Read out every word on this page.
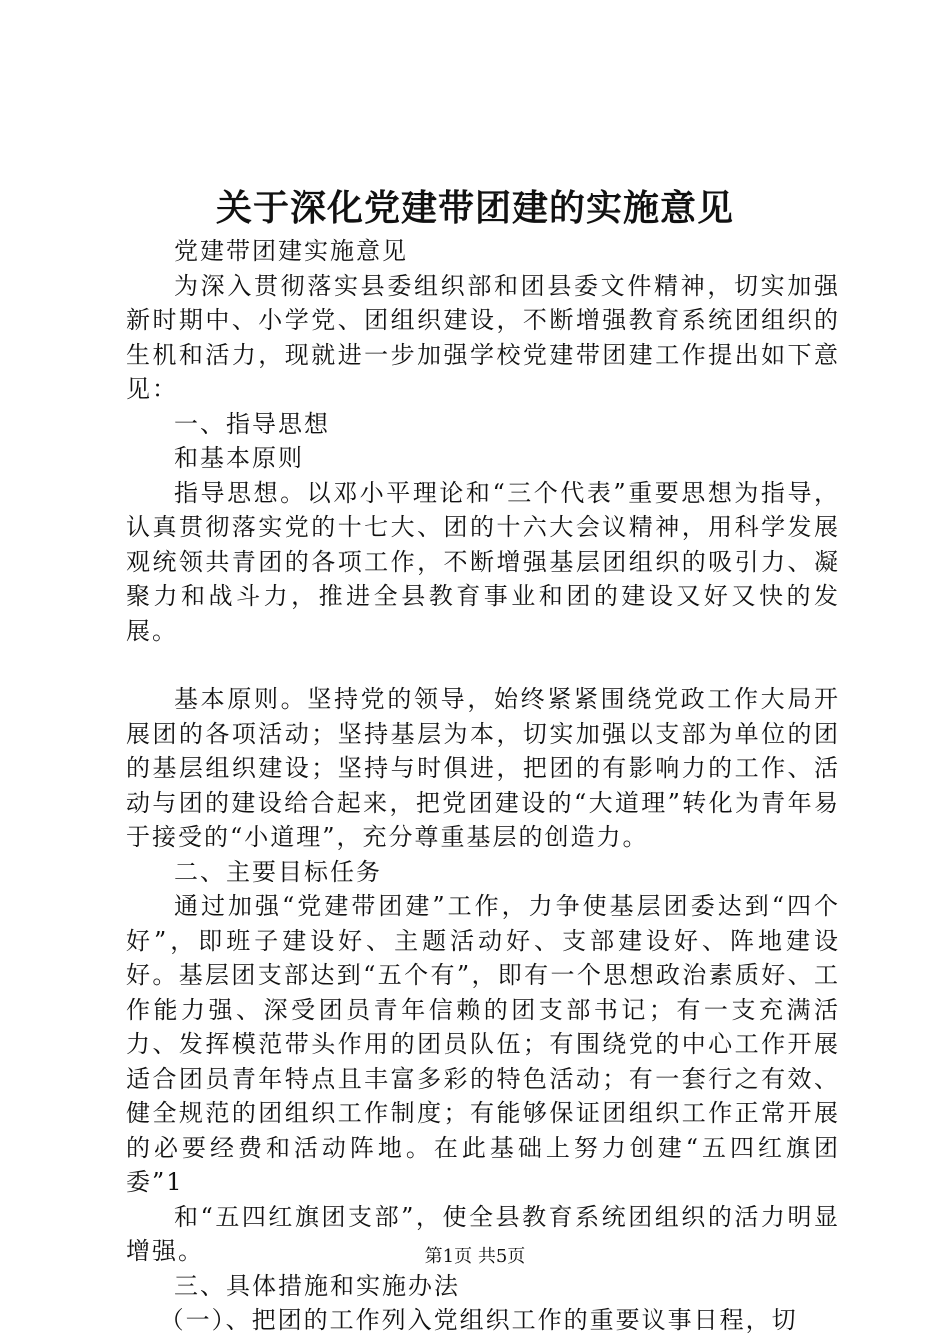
关于深化党建带团建的实施意见

党建带团建实施意见

为深入贯彻落实县委组织部和团县委文件精神，切实加强新时期中、小学党、团组织建设，不断增强教育系统团组织的生机和活力，现就进一步加强学校党建带团建工作提出如下意见：

一、指导思想

和基本原则

指导思想。以邓小平理论和“三个代表”重要思想为指导，认真贯彻落实党的十七大、团的十六大会议精神，用科学发展观统领共青团的各项工作，不断增强基层团组织的吸引力、凝聚力和战斗力，推进全县教育事业和团的建设又好又快的发展。

基本原则。坚持党的领导，始终紧紧围绕党政工作大局开展团的各项活动；坚持基层为本，切实加强以支部为单位的团的基层组织建设；坚持与时俱进，把团的有影响力的工作、活动与团的建设给合起来，把党团建设的“大道理”转化为青年易于接受的“小道理”，充分尊重基层的创造力。

二、主要目标任务

通过加强“党建带团建”工作，力争使基层团委达到“四个好”，即班子建设好、主题活动好、支部建设好、阵地建设好。基层团支部达到“五个有”，即有一个思想政治素质好、工作能力强、深受团员青年信赖的团支部书记；有一支充满活力、发挥模范带头作用的团员队伍；有围绕党的中心工作开展适合团员青年特点且丰富多彩的特色活动；有一套行之有效、健全规范的团组织工作制度；有能够保证团组织工作正常开展的必要经费和活动阵地。在此基础上努力创建“五四红旗团委”1

和“五四红旗团支部”，使全县教育系统团组织的活力明显增强。

三、具体措施和实施办法

（一）、把团的工作列入党组织工作的重要议事日程，切

第1页 共5页
